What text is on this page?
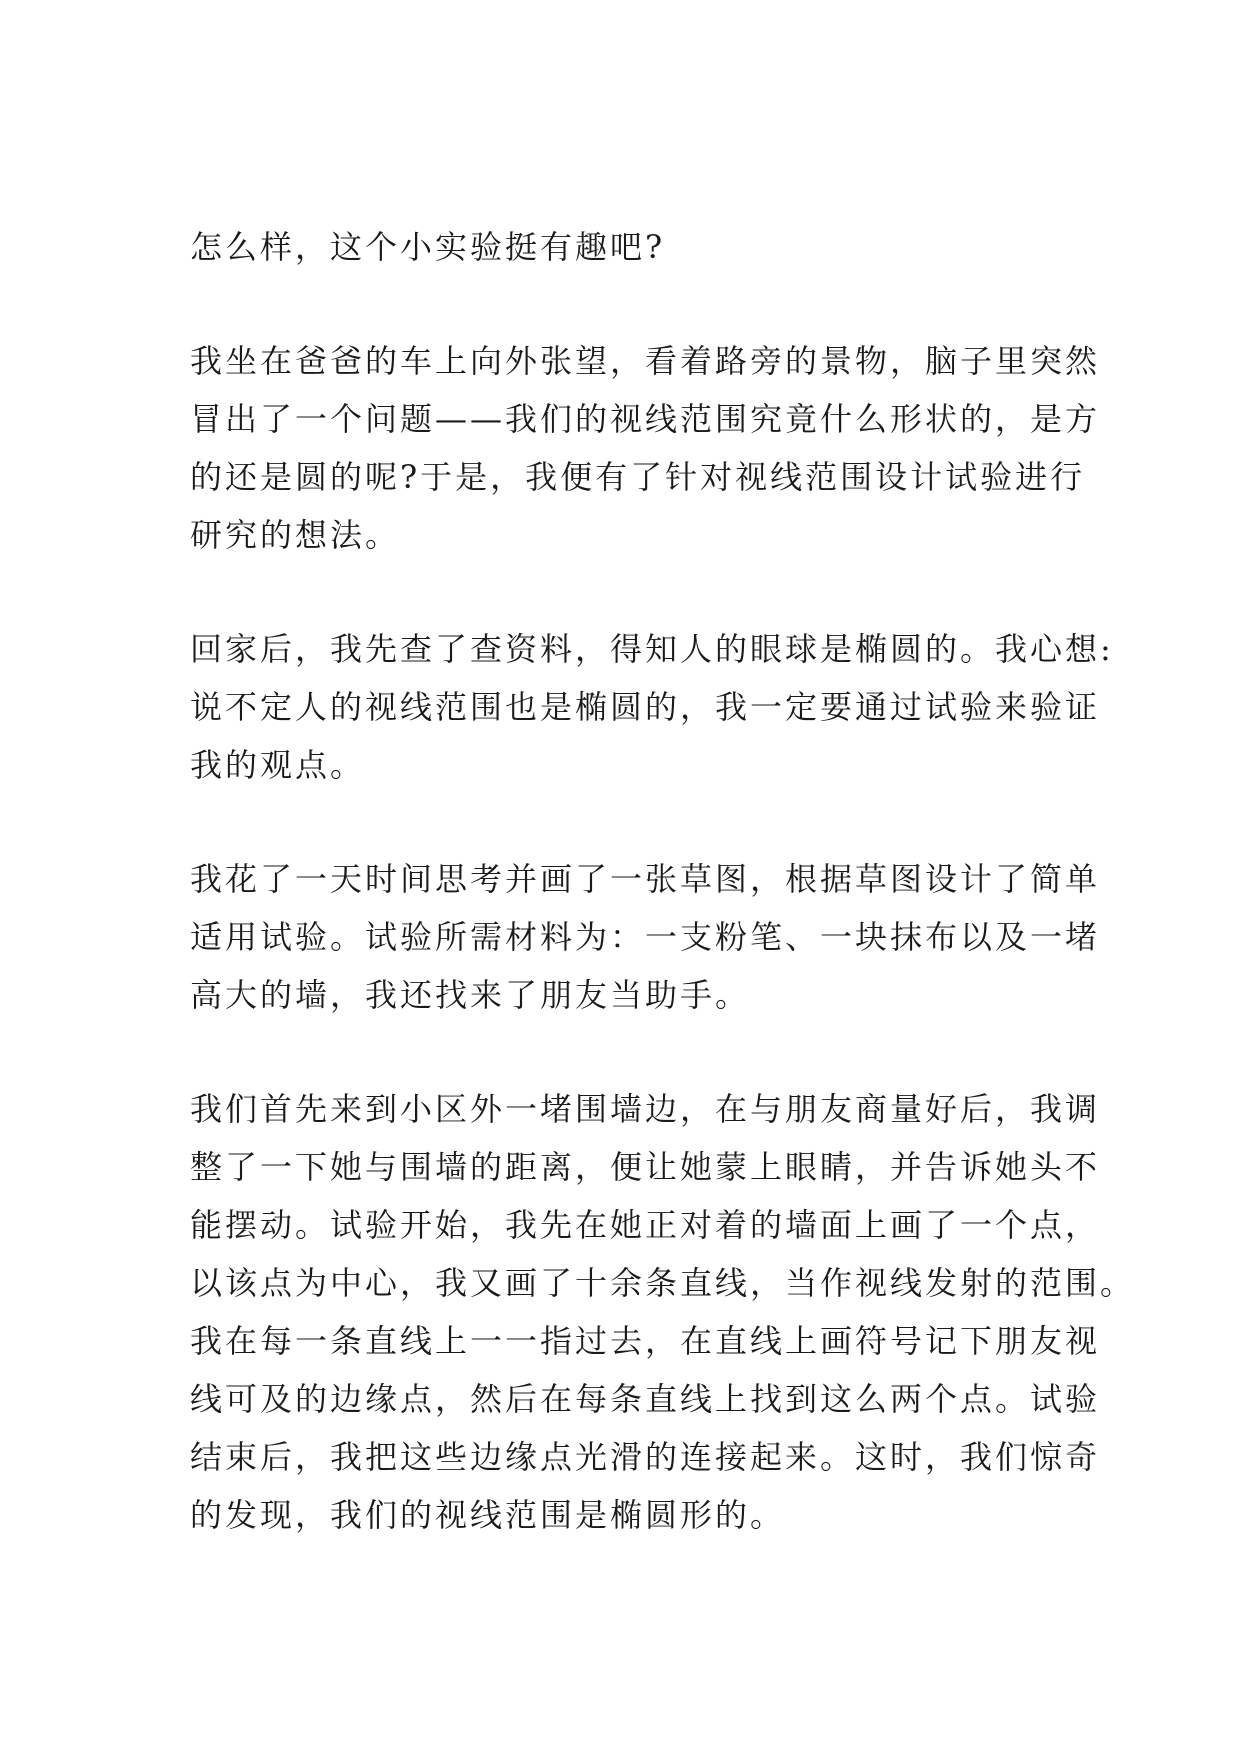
怎么样，这个小实验挺有趣吧?

我坐在爸爸的车上向外张望，看着路旁的景物，脑子里突然
冒出了一个问题——我们的视线范围究竟什么形状的，是方
的还是圆的呢?于是，我便有了针对视线范围设计试验进行
研究的想法。

回家后，我先查了查资料，得知人的眼球是椭圆的。我心想:
说不定人的视线范围也是椭圆的，我一定要通过试验来验证
我的观点。

我花了一天时间思考并画了一张草图，根据草图设计了简单
适用试验。试验所需材料为：一支粉笔、一块抹布以及一堵
高大的墙，我还找来了朋友当助手。

我们首先来到小区外一堵围墙边，在与朋友商量好后，我调
整了一下她与围墙的距离，便让她蒙上眼睛，并告诉她头不
能摆动。试验开始，我先在她正对着的墙面上画了一个点，
以该点为中心，我又画了十余条直线，当作视线发射的范围。
我在每一条直线上一一指过去，在直线上画符号记下朋友视
线可及的边缘点，然后在每条直线上找到这么两个点。试验
结束后，我把这些边缘点光滑的连接起来。这时，我们惊奇
的发现，我们的视线范围是椭圆形的。
